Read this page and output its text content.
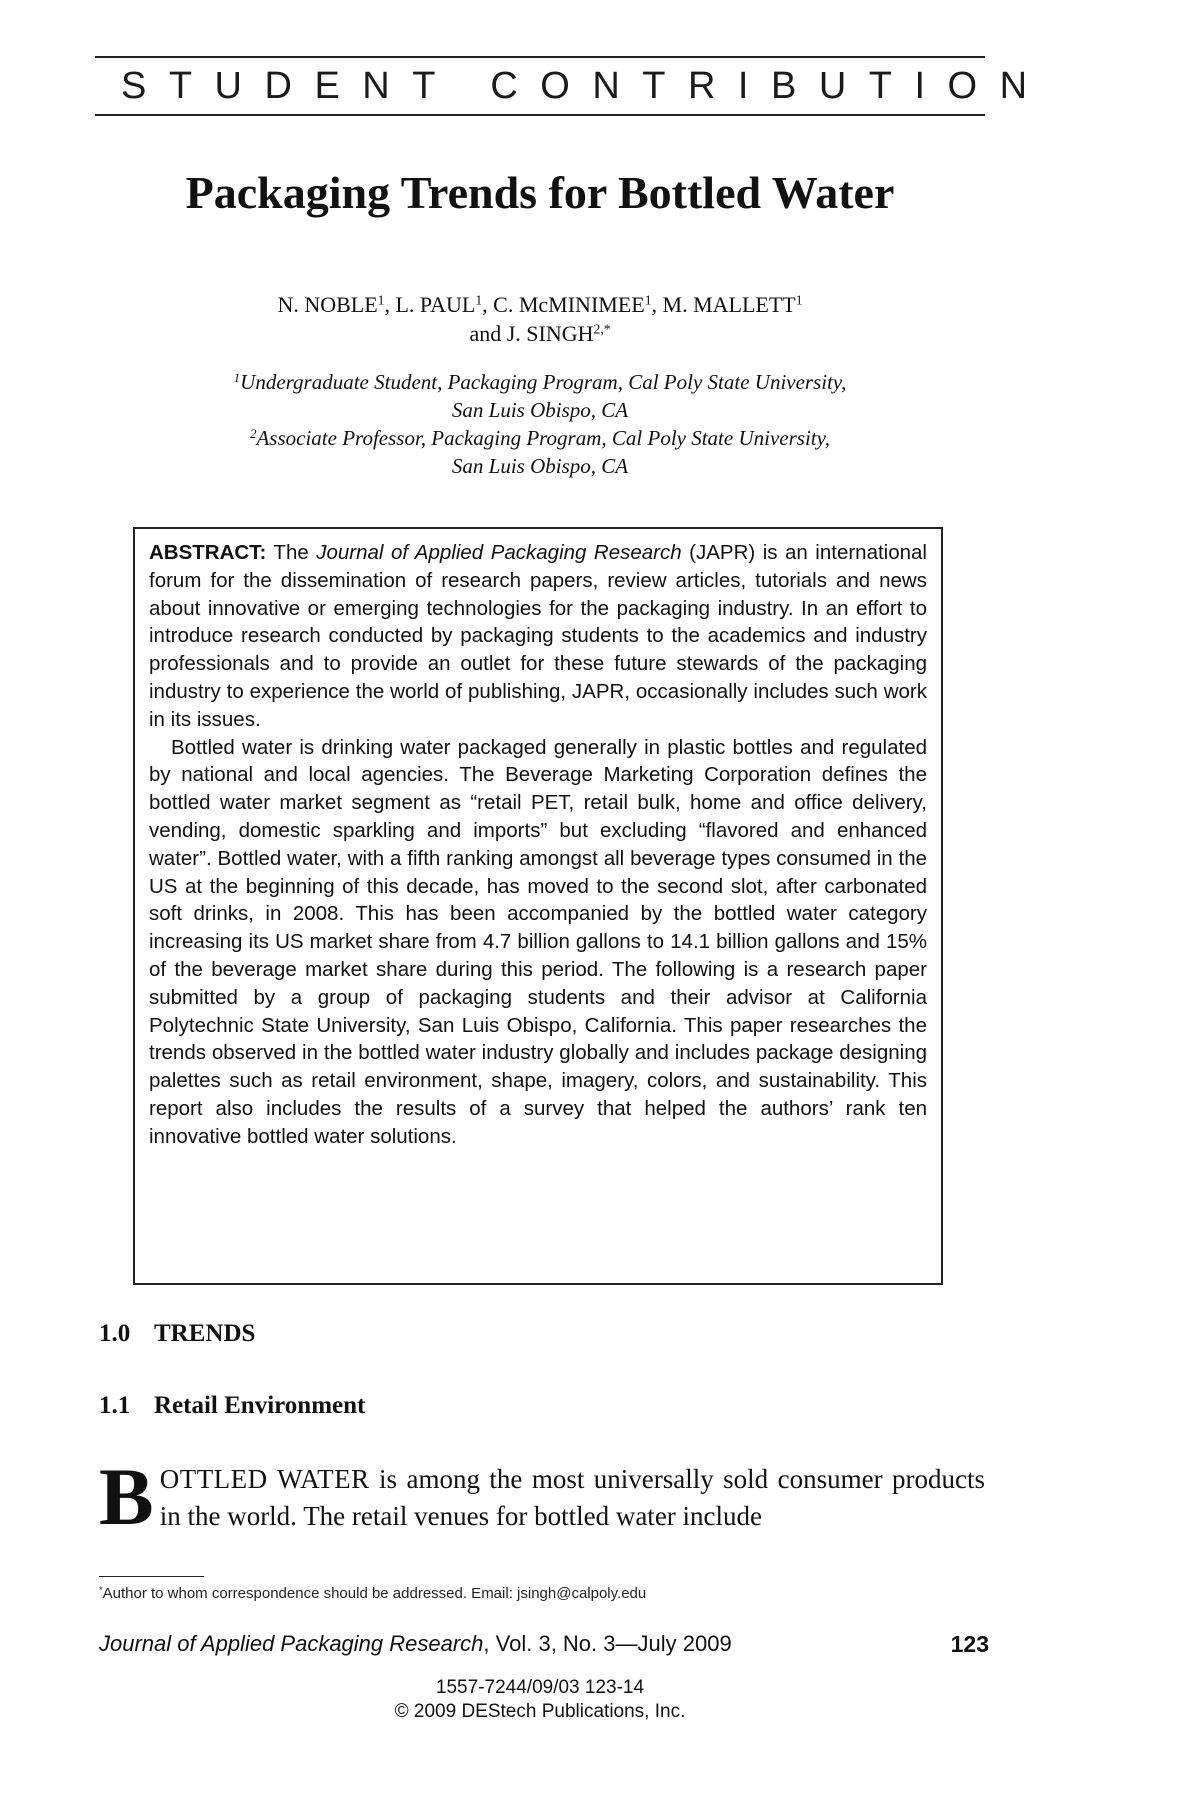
STUDENT CONTRIBUTION
Packaging Trends for Bottled Water
N. NOBLE$^1$, L. PAUL$^1$, C. McMINIMEE$^1$, M. MALLETT$^1$
and J. $SINGH^{2,*}$
$^1$Undergraduate Student, Packaging Program, Cal Poly State University,
San Luis Obispo, CA
$^2$Associate Professor, Packaging Program, Cal Poly State University,
San Luis Obispo, CA

ABSTRACT: The Journal of Applied Packaging Research (JAPR) is an international forum for the dissemination of research papers, review articles, tutorials and news about innovative or emerging technologies for the packaging industry. In an effort to introduce research conducted by packaging students to the academics and industry professionals and to provide an outlet for these future stewards of the packaging industry to experience the world of publishing, JAPR, occasionally includes such work in its issues.

Bottled water is drinking water packaged generally in plastic bottles and regulated by national and local agencies. The Beverage Marketing Corporation defines the bottled water market segment as “retail PET, retail bulk, home and office delivery, vending, domestic sparkling and imports” but excluding “flavored and enhanced water”. Bottled water, with a fifth ranking amongst all beverage types consumed in the US at the beginning of this decade, has moved to the second slot, after carbonated soft drinks, in 2008. This has been accompanied by the bottled water category increasing its US market share from 4.7 billion gallons to 14.1 billion gallons and 15% of the beverage market share during this period. The following is a research paper submitted by a group of packaging students and their advisor at California Polytechnic State University, San Luis Obispo, California. This paper researches the trends observed in the bottled water industry globally and includes package designing palettes such as retail environment, shape, imagery, colors, and sustainability. This report also includes the results of a survey that helped the authors’ rank ten innovative bottled water solutions.

1.0 TRENDS
1.1 Retail Environment

BOTTLED WATER is among the most universally sold consumer products in the world. The retail venues for bottled water include

*Author to whom correspondence should be addressed. Email: jsingh@calpoly.edu
Journal of Applied Packaging Research, Vol. 3, No. 3—July 2009	123
1557-7244/09/03 123-14
© 2009 DEStech Publications, Inc.
